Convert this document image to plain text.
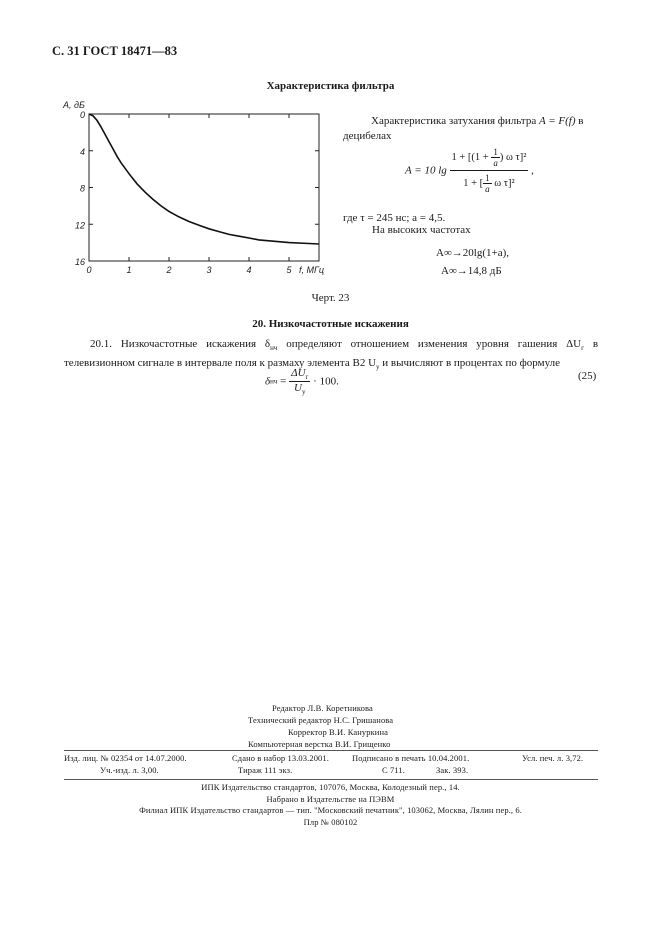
С. 31 ГОСТ 18471—83
Характеристика фильтра
0
4
8
12
16
0	1	2	3	4	5
A, дБ
f, МГц
Характеристика затухания фильтра A = F(f) в
децибелах
A = 10 $\lg \frac{1 + [(1 + \frac{1}{a} ) \omega \tau]^2}{1 + [ \frac{1}{a} \omega \tau]^2}$ ,
где τ = 245 нс; a = 4,5.
На высоких частотах
A∞→20lg(1+a),
A∞→14,8 дБ
Черт. 23
20. Низкочастотные искажения
20.1. Низкочастотные искажения $\delta_{нч}$ определяют отношением изменения уровня гашения $\Delta U_г$ в телевизионном сигнале в интервале поля к размаху элемента В2 $U_у$ и вычисляют в процентах по формуле
$\delta нч = \frac{\Delta U_г}{U_у} \cdot 100$.	(25)
Редактор Л.В. Коретникова
Технический редактор Н.С. Гришанова
Корректор В.И. Кануркина
Компьютерная верстка В.И. Грищенко
Изд. лиц. № 02354 от 14.07.2000.	Сдано в набор 13.03.2001.	Подписано в печать 10.04.2001.	Усл. печ. л. 3,72.
Уч.-изд. л. 3,00.	Тираж 111 экз.	С 711.	Зак. 393.
ИПК Издательство стандартов, 107076, Москва, Колодезный пер., 14.
Набрано в Издательстве на ПЭВМ
Филиал ИПК Издательство стандартов — тип. "Московский печатник", 103062, Москва, Лялин пер., 6.
Плр № 080102
